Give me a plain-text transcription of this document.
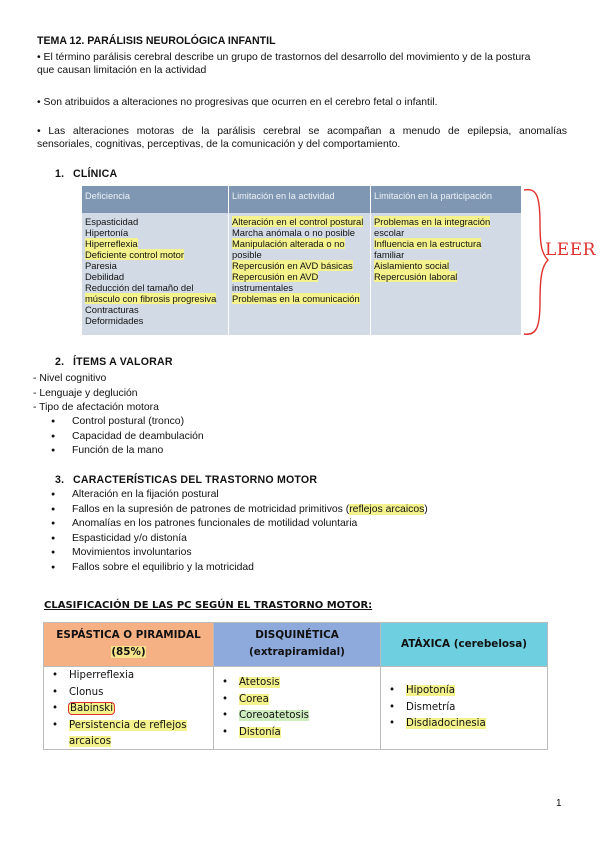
TEMA 12. PARÁLISIS NEUROLÓGICA INFANTIL
• El término parálisis cerebral describe un grupo de trastornos del desarrollo del movimiento y de la postura
que causan limitación en la actividad
• Son atribuidos a alteraciones no progresivas que ocurren en el cerebro fetal o infantil.
• Las alteraciones motoras de la parálisis cerebral se acompañan a menudo de epilepsia, anomalías
sensoriales, cognitivas, perceptivas, de la comunicación y del comportamiento.
1. CLÍNICA
Deficiencia	Limitación en la actividad	Limitación en la participación
Espasticidad
Hipertonía
Hiperreflexia
Deficiente control motor
Paresia
Debilidad
Reducción del tamaño del
músculo con fibrosis progresiva
Contracturas
Deformidades
Alteración en el control postural
Marcha anómala o no posible
Manipulación alterada o no
posible
Repercusión en AVD básicas
Repercusión en AVD
instrumentales
Problemas en la comunicación
Problemas en la integración
escolar
Influencia en la estructura
familiar
Aislamiento social
Repercusión laboral
LEER
2. ÍTEMS A VALORAR
- Nivel cognitivo
- Lenguaje y deglución
- Tipo de afectación motora
● Control postural (tronco)
● Capacidad de deambulación
● Función de la mano
3. CARACTERÍSTICAS DEL TRASTORNO MOTOR
● Alteración en la fijación postural
● Fallos en la supresión de patrones de motricidad primitivos (reflejos arcaicos)
● Anomalías en los patrones funcionales de motilidad voluntaria
● Espasticidad y/o distonía
● Movimientos involuntarios
● Fallos sobre el equilibrio y la motricidad
CLASIFICACIÓN DE LAS PC SEGÚN EL TRASTORNO MOTOR:
ESPÁSTICA O PIRAMIDAL
(85%)
DISQUINÉTICA
(extrapiramidal)
ATÁXICA (cerebelosa)
• Hiperreflexia
• Clonus
• Babinski
• Persistencia de reflejos
arcaicos
• Atetosis
• Corea
• Coreoatetosis
• Distonía
• Hipotonía
• Dismetría
• Disdiadocinesia
1
